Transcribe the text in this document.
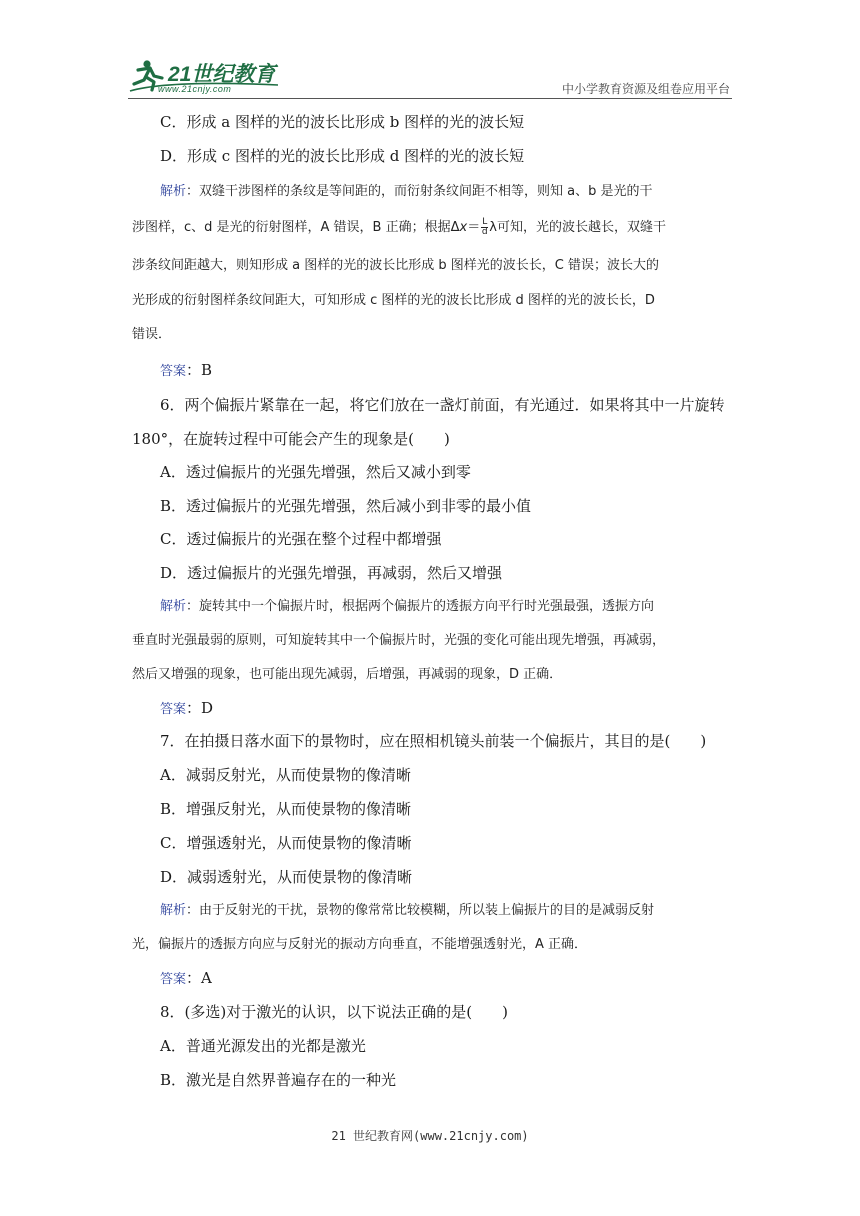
21世纪教育
www.21cnjy.com	中小学教育资源及组卷应用平台
C．形成 a 图样的光的波长比形成 b 图样的光的波长短
D．形成 c 图样的光的波长比形成 d 图样的光的波长短
解析：双缝干涉图样的条纹是等间距的，而衍射条纹间距不相等，则知 a、b 是光的干
涉图样，c、d 是光的衍射图样，A 错误，B 正确；根据$\Delta x= \frac{L}{d}$ λ可知，光的波长越长，双缝干
涉条纹间距越大，则知形成 a 图样的光的波长比形成 b 图样光的波长长，C 错误；波长大的
光形成的衍射图样条纹间距大，可知形成 c 图样的光的波长比形成 d 图样的光的波长长，D
错误．
答案：B
6．两个偏振片紧靠在一起，将它们放在一盏灯前面，有光通过．如果将其中一片旋转
180°，在旋转过程中可能会产生的现象是(　　)
A．透过偏振片的光强先增强，然后又减小到零
B．透过偏振片的光强先增强，然后减小到非零的最小值
C．透过偏振片的光强在整个过程中都增强
D．透过偏振片的光强先增强，再减弱，然后又增强
解析：旋转其中一个偏振片时，根据两个偏振片的透振方向平行时光强最强，透振方向
垂直时光强最弱的原则，可知旋转其中一个偏振片时，光强的变化可能出现先增强，再减弱，
然后又增强的现象，也可能出现先减弱，后增强，再减弱的现象，D 正确．
答案：D
7．在拍摄日落水面下的景物时，应在照相机镜头前装一个偏振片，其目的是(　　)
A．减弱反射光，从而使景物的像清晰
B．增强反射光，从而使景物的像清晰
C．增强透射光，从而使景物的像清晰
D．减弱透射光，从而使景物的像清晰
解析：由于反射光的干扰，景物的像常常比较模糊，所以装上偏振片的目的是减弱反射
光，偏振片的透振方向应与反射光的振动方向垂直，不能增强透射光，A 正确．
答案：A
8．(多选)对于激光的认识，以下说法正确的是(　　)
A．普通光源发出的光都是激光
B．激光是自然界普遍存在的一种光
21 世纪教育网(www.21cnjy.com)
